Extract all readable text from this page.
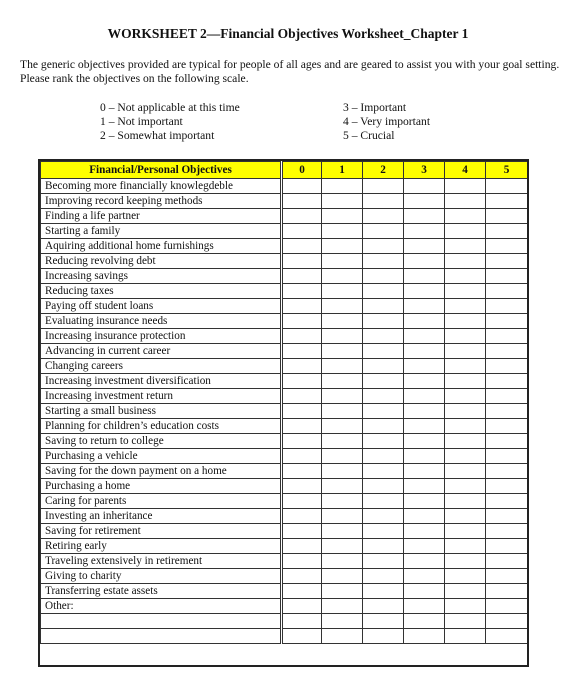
WORKSHEET 2—Financial Objectives Worksheet_Chapter 1
The generic objectives provided are typical for people of all ages and are geared to assist you with your goal setting. Please rank the objectives on the following scale.
0 – Not applicable at this time
1 – Not important
2 – Somewhat important
3 – Important
4 – Very important
5 – Crucial
Financial/Personal Objectives	0	1	2	3	4	5
Becoming more financially knowlegdeble						
Improving record keeping methods						
Finding a life partner						
Starting a family						
Aquiring additional home furnishings						
Reducing revolving debt						
Increasing savings						
Reducing taxes						
Paying off student loans						
Evaluating insurance needs						
Increasing insurance protection						
Advancing in current career						
Changing careers						
Increasing investment diversification						
Increasing investment return						
Starting a small business						
Planning for children’s education costs						
Saving to return to college						
Purchasing a vehicle						
Saving for the down payment on a home						
Purchasing a home						
Caring for parents						
Investing an inheritance						
Saving for retirement						
Retiring early						
Traveling extensively in retirement						
Giving to charity						
Transferring estate assets						
Other:						
